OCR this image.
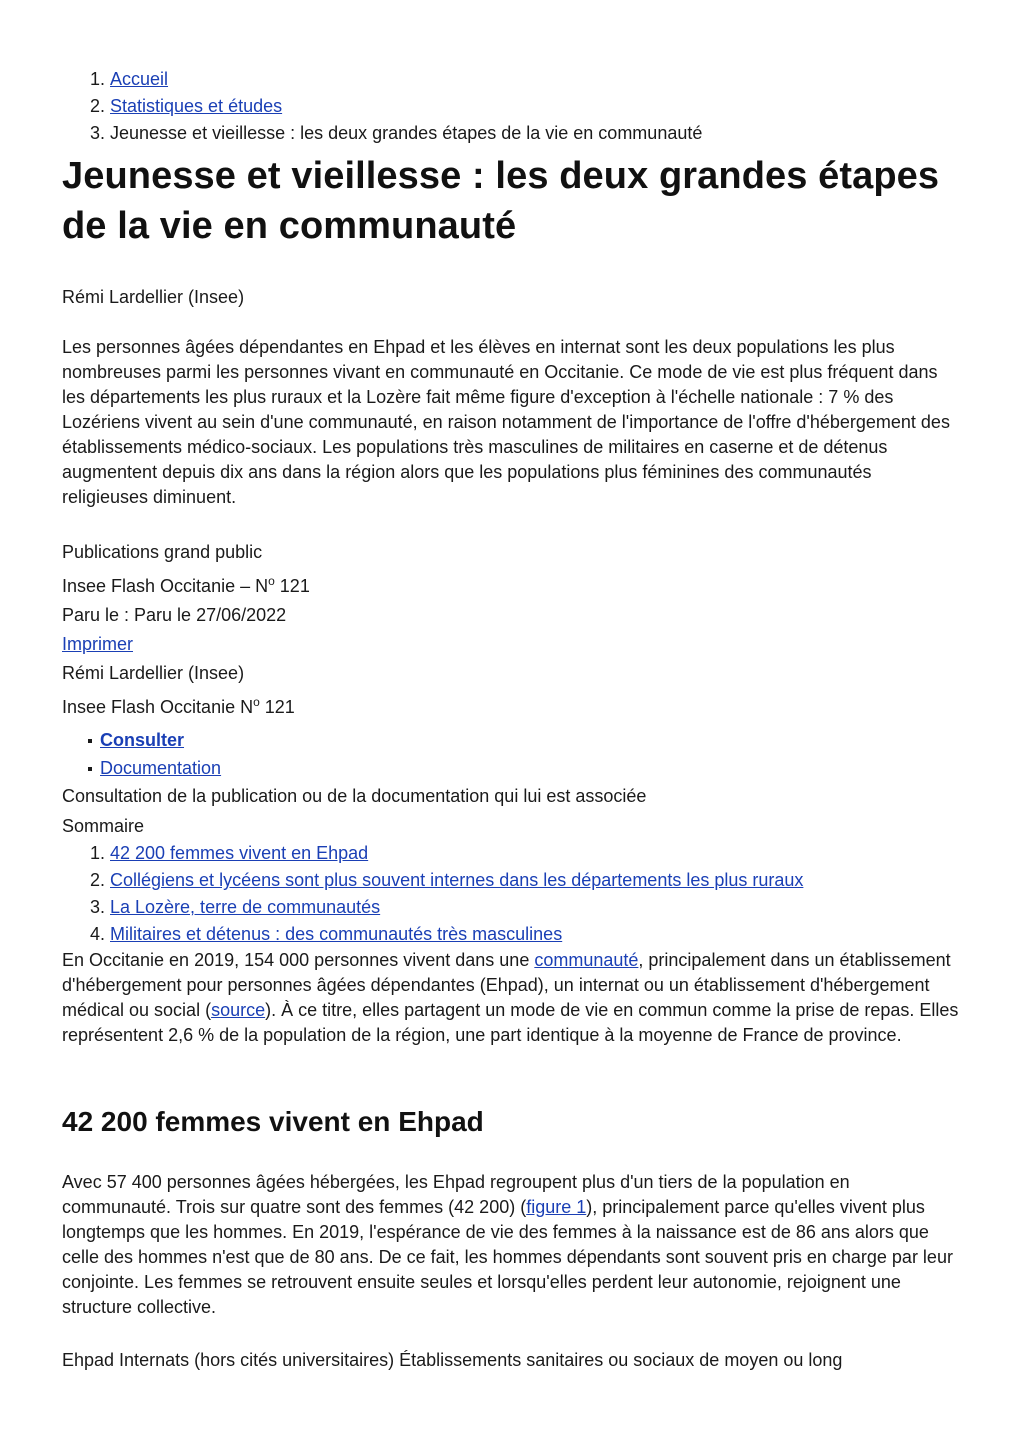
1. Accueil
2. Statistiques et études
3. Jeunesse et vieillesse : les deux grandes étapes de la vie en communauté
Jeunesse et vieillesse : les deux grandes étapes de la vie en communauté

Rémi Lardellier (Insee)

Les personnes âgées dépendantes en Ehpad et les élèves en internat sont les deux populations les plus nombreuses parmi les personnes vivant en communauté en Occitanie. Ce mode de vie est plus fréquent dans les départements les plus ruraux et la Lozère fait même figure d'exception à l'échelle nationale : 7 % des Lozériens vivent au sein d'une communauté, en raison notamment de l'importance de l'offre d'hébergement des établissements médico-sociaux. Les populations très masculines de militaires en caserne et de détenus augmentent depuis dix ans dans la région alors que les populations plus féminines des communautés religieuses diminuent.

Publications grand public

Insee Flash Occitanie – $N^o$ 121

Paru le : Paru le 27/06/2022

Imprimer

Rémi Lardellier (Insee)

Insee Flash Occitanie $N^o$ 121

Consulter
Documentation

Consultation de la publication ou de la documentation qui lui est associée

Sommaire

1. 42 200 femmes vivent en Ehpad
2. Collégiens et lycéens sont plus souvent internes dans les départements les plus ruraux
3. La Lozère, terre de communautés
4. Militaires et détenus : des communautés très masculines

En Occitanie en 2019, 154 000 personnes vivent dans une communauté, principalement dans un établissement d'hébergement pour personnes âgées dépendantes (Ehpad), un internat ou un établissement d'hébergement médical ou social (source). À ce titre, elles partagent un mode de vie en commun comme la prise de repas. Elles représentent 2,6 % de la population de la région, une part identique à la moyenne de France de province.

42 200 femmes vivent en Ehpad

Avec 57 400 personnes âgées hébergées, les Ehpad regroupent plus d'un tiers de la population en communauté. Trois sur quatre sont des femmes (42 200) (figure 1), principalement parce qu'elles vivent plus longtemps que les hommes. En 2019, l'espérance de vie des femmes à la naissance est de 86 ans alors que celle des hommes n'est que de 80 ans. De ce fait, les hommes dépendants sont souvent pris en charge par leur conjointe. Les femmes se retrouvent ensuite seules et lorsqu'elles perdent leur autonomie, rejoignent une structure collective.

Ehpad Internats (hors cités universitaires) Établissements sanitaires ou sociaux de moyen ou long
